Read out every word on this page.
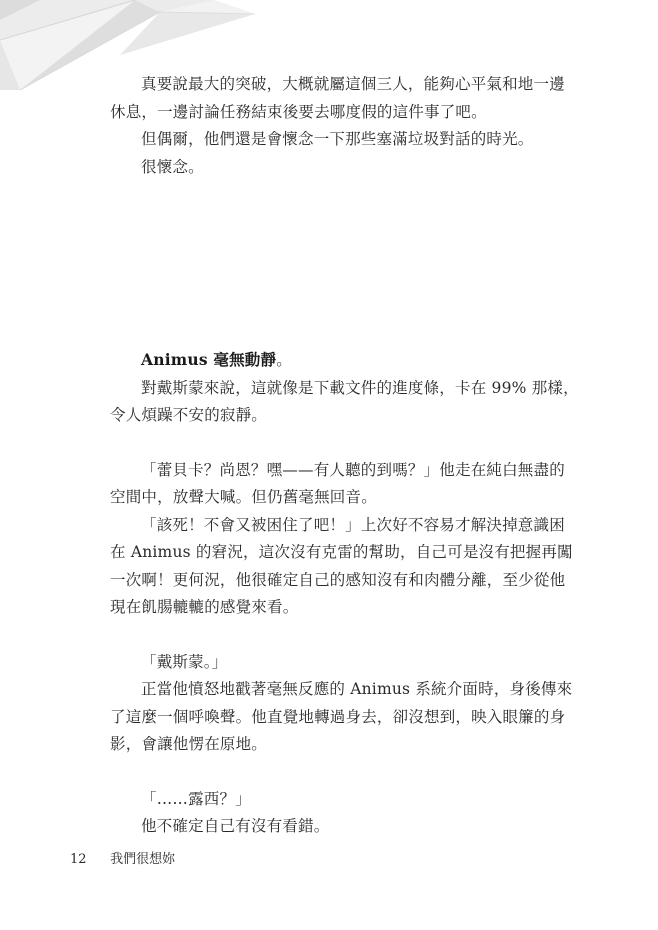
真要說最大的突破，大概就屬這個三人，能夠心平氣和地一邊

休息，一邊討論任務結束後要去哪度假的這件事了吧。

但偶爾，他們還是會懷念一下那些塞滿垃圾對話的時光。

很懷念。

Animus 毫無動靜。

對戴斯蒙來說，這就像是下載文件的進度條，卡在 99% 那樣，

令人煩躁不安的寂靜。

「蕾貝卡？尚恩？嘿——有人聽的到嗎？」他走在純白無盡的

空間中，放聲大喊。但仍舊毫無回音。

「該死！不會又被困住了吧！」上次好不容易才解決掉意識困

在 Animus 的窘況，這次沒有克雷的幫助，自己可是沒有把握再闖

一次啊！更何況，他很確定自己的感知沒有和肉體分離，至少從他

現在飢腸轆轆的感覺來看。

「戴斯蒙。」

正當他憤怒地戳著毫無反應的 Animus 系統介面時，身後傳來

了這麼一個呼喚聲。他直覺地轉過身去，卻沒想到，映入眼簾的身

影，會讓他愣在原地。

「……露西？」

他不確定自己有沒有看錯。

12 我們很想妳
